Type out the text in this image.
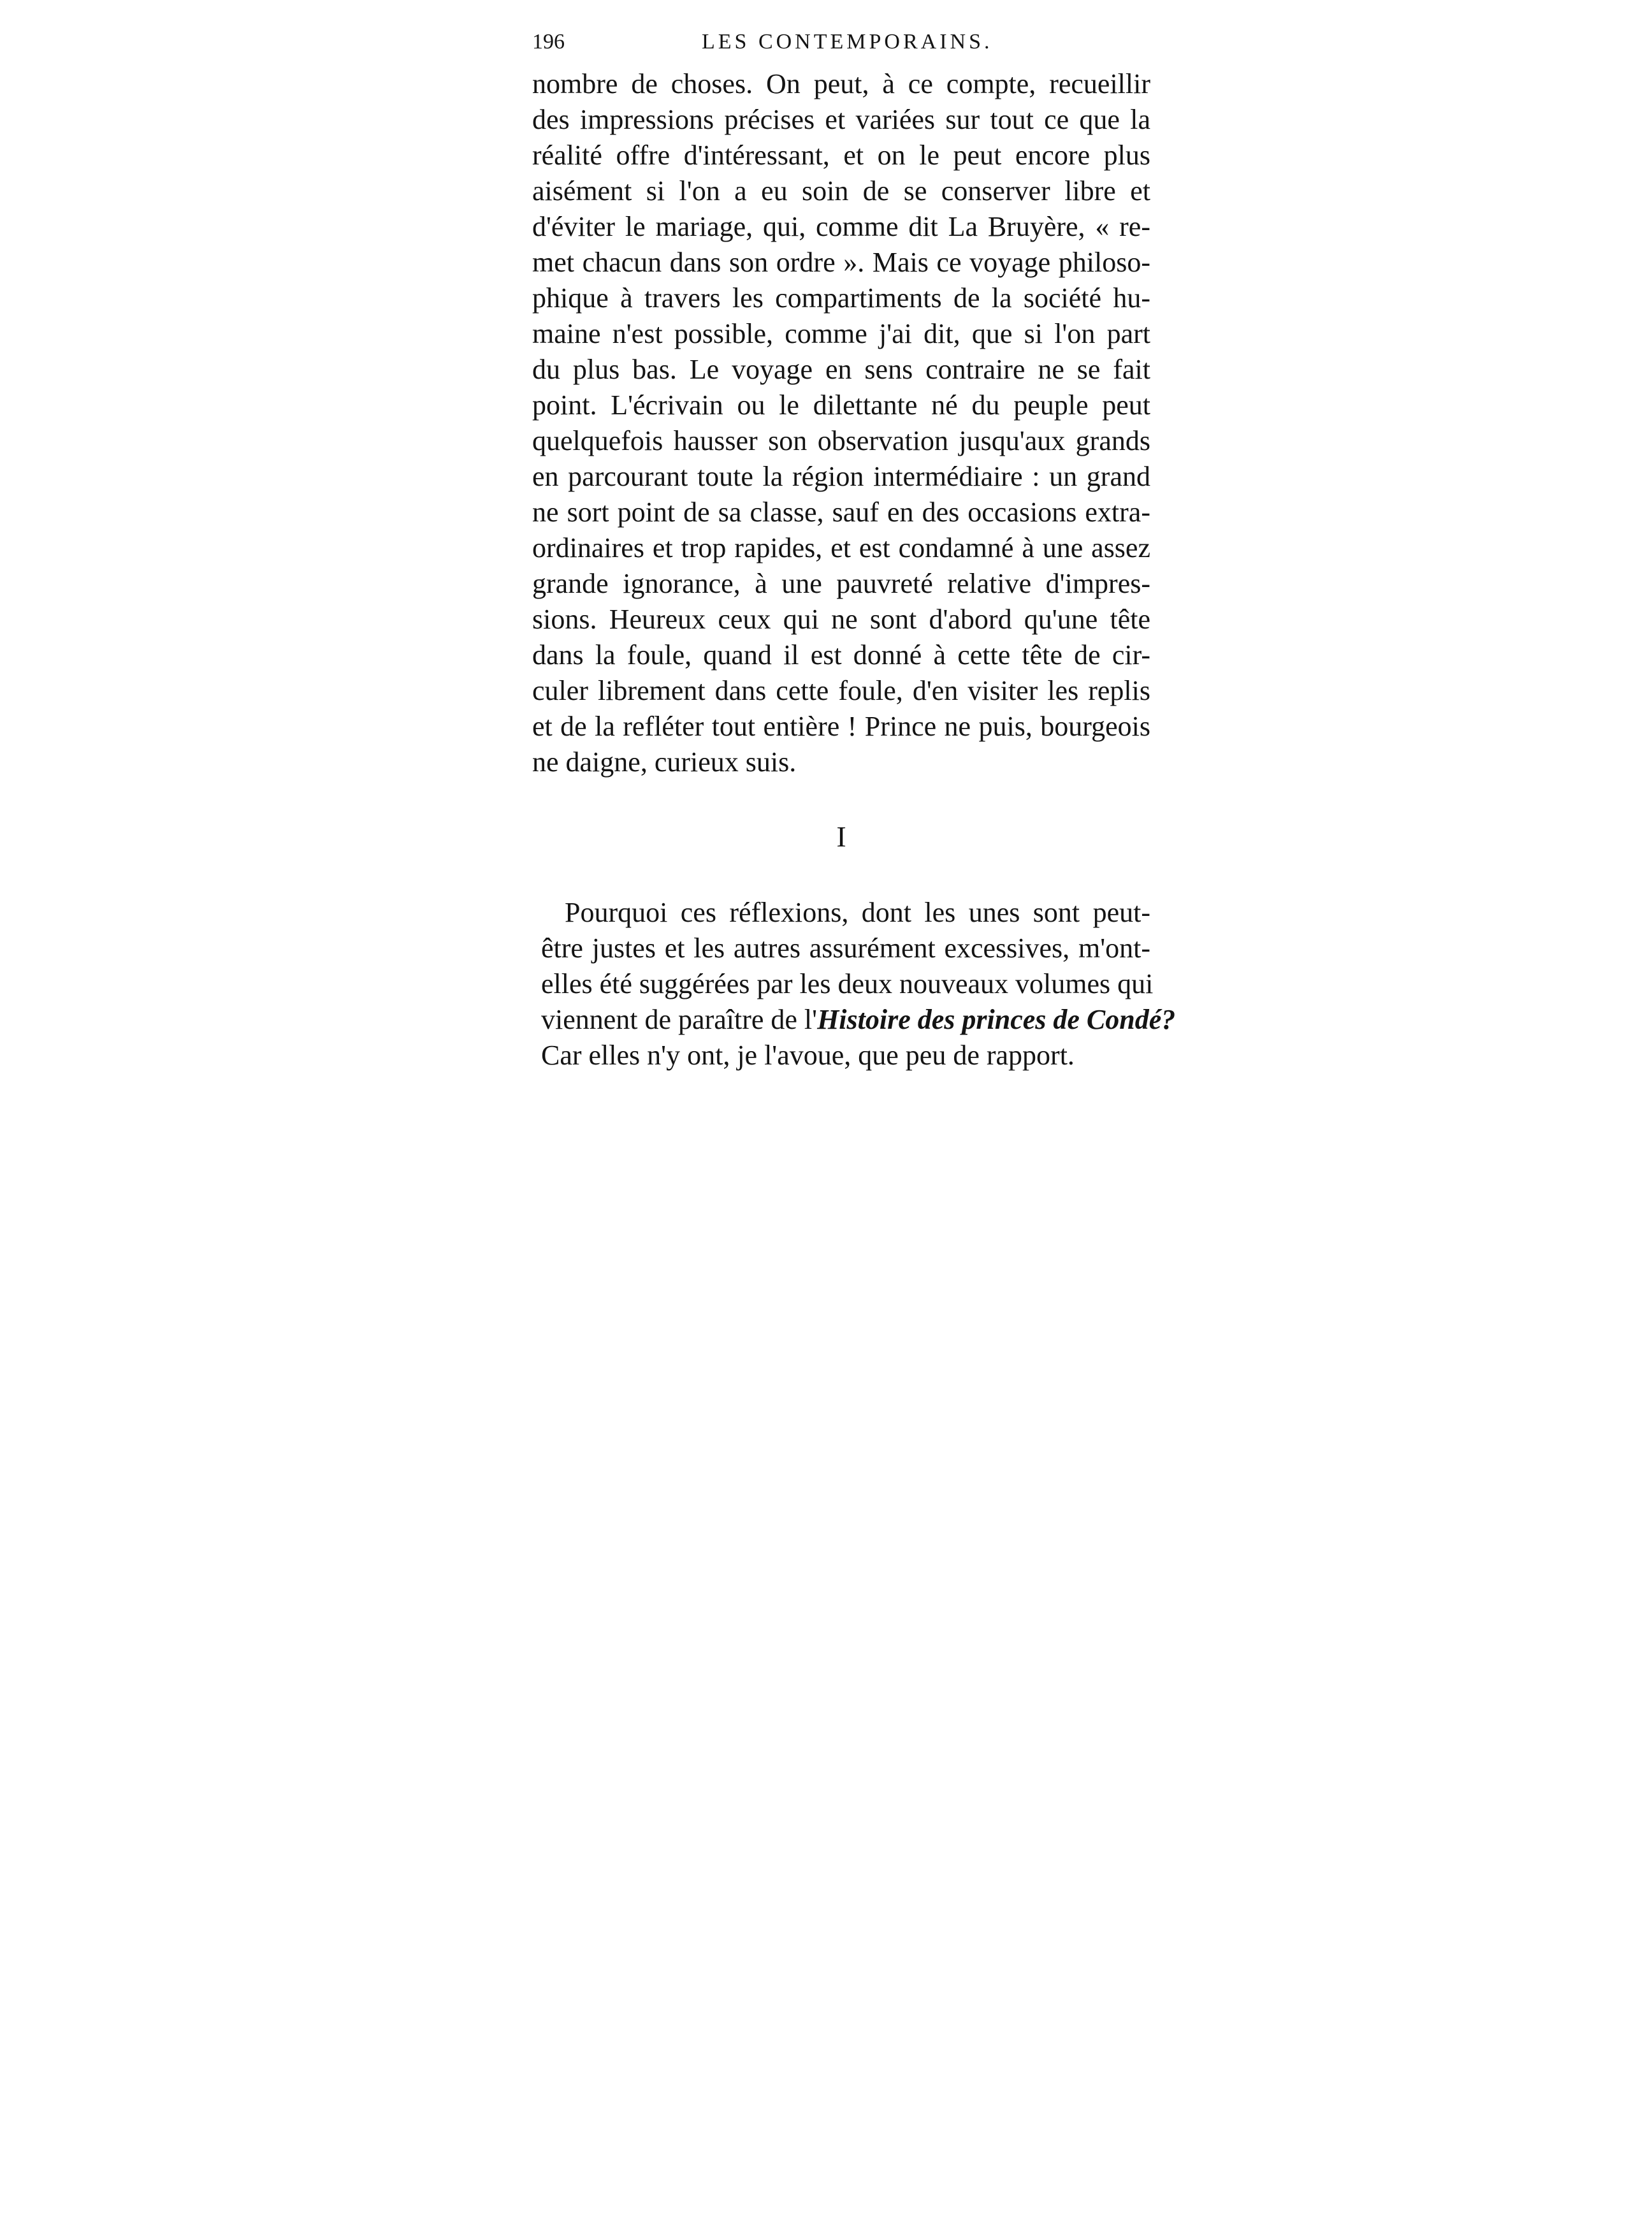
196	LES CONTEMPORAINS.
nombre de choses. On peut, à ce compte, recueillir
des impressions précises et variées sur tout ce que la
réalité offre d'intéressant, et on le peut encore plus
aisément si l'on a eu soin de se conserver libre et
d'éviter le mariage, qui, comme dit La Bruyère, « re-
met chacun dans son ordre ». Mais ce voyage philoso-
phique à travers les compartiments de la société hu-
maine n'est possible, comme j'ai dit, que si l'on part
du plus bas. Le voyage en sens contraire ne se fait
point. L'écrivain ou le dilettante né du peuple peut
quelquefois hausser son observation jusqu'aux grands
en parcourant toute la région intermédiaire : un grand
ne sort point de sa classe, sauf en des occasions extra-
ordinaires et trop rapides, et est condamné à une assez
grande ignorance, à une pauvreté relative d'impres-
sions. Heureux ceux qui ne sont d'abord qu'une tête
dans la foule, quand il est donné à cette tête de cir-
culer librement dans cette foule, d'en visiter les replis
et de la refléter tout entière ! Prince ne puis, bourgeois
ne daigne, curieux suis.
I
Pourquoi ces réflexions, dont les unes sont peut-
être justes et les autres assurément excessives, m'ont-
elles été suggérées par les deux nouveaux volumes qui
viennent de paraître de l'Histoire des princes de Condé?
Car elles n'y ont, je l'avoue, que peu de rapport.
